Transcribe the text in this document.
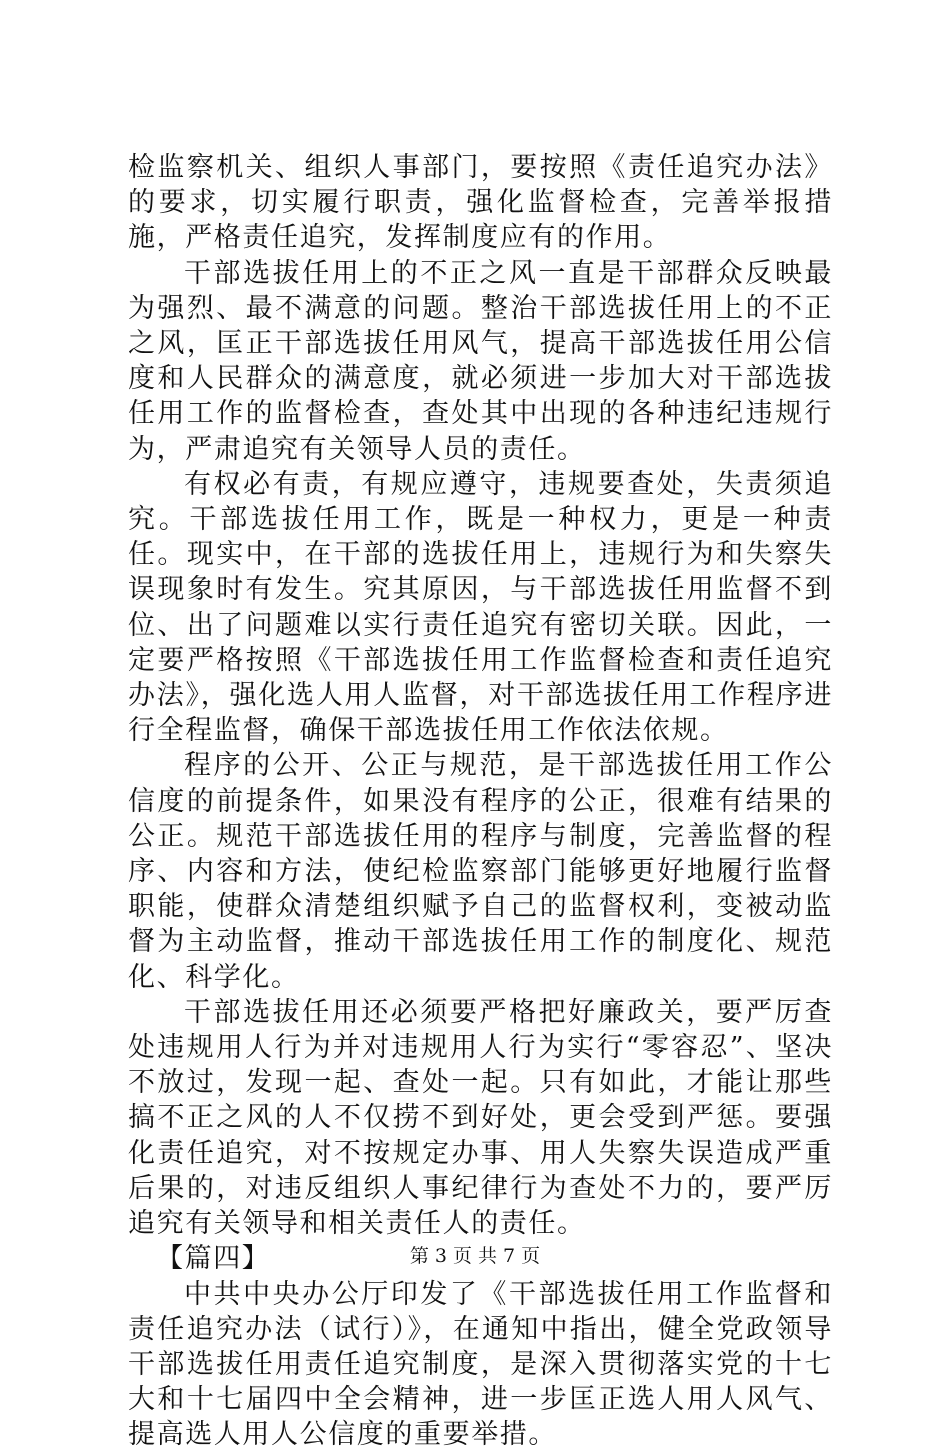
检监察机关、组织人事部门，要按照《责任追究办法》的要求，切实履行职责，强化监督检查，完善举报措施，严格责任追究，发挥制度应有的作用。

干部选拔任用上的不正之风一直是干部群众反映最为强烈、最不满意的问题。整治干部选拔任用上的不正之风，匡正干部选拔任用风气，提高干部选拔任用公信度和人民群众的满意度，就必须进一步加大对干部选拔任用工作的监督检查，查处其中出现的各种违纪违规行为，严肃追究有关领导人员的责任。

有权必有责，有规应遵守，违规要查处，失责须追究。干部选拔任用工作，既是一种权力，更是一种责任。现实中，在干部的选拔任用上，违规行为和失察失误现象时有发生。究其原因，与干部选拔任用监督不到位、出了问题难以实行责任追究有密切关联。因此，一定要严格按照《干部选拔任用工作监督检查和责任追究办法》，强化选人用人监督，对干部选拔任用工作程序进行全程监督，确保干部选拔任用工作依法依规。

程序的公开、公正与规范，是干部选拔任用工作公信度的前提条件，如果没有程序的公正，很难有结果的公正。规范干部选拔任用的程序与制度，完善监督的程序、内容和方法，使纪检监察部门能够更好地履行监督职能，使群众清楚组织赋予自己的监督权利，变被动监督为主动监督，推动干部选拔任用工作的制度化、规范化、科学化。

干部选拔任用还必须要严格把好廉政关，要严厉查处违规用人行为并对违规用人行为实行“零容忍”、坚决不放过，发现一起、查处一起。只有如此，才能让那些搞不正之风的人不仅捞不到好处，更会受到严惩。要强化责任追究，对不按规定办事、用人失察失误造成严重后果的，对违反组织人事纪律行为查处不力的，要严厉追究有关领导和相关责任人的责任。

【篇四】

中共中央办公厅印发了《干部选拔任用工作监督和责任追究办法（试行）》，在通知中指出，健全党政领导干部选拔任用责任追究制度，是深入贯彻落实党的十七大和十七届四中全会精神，进一步匡正选人用人风气、提高选人用人公信度的重要举措。

第 3 页 共 7 页
